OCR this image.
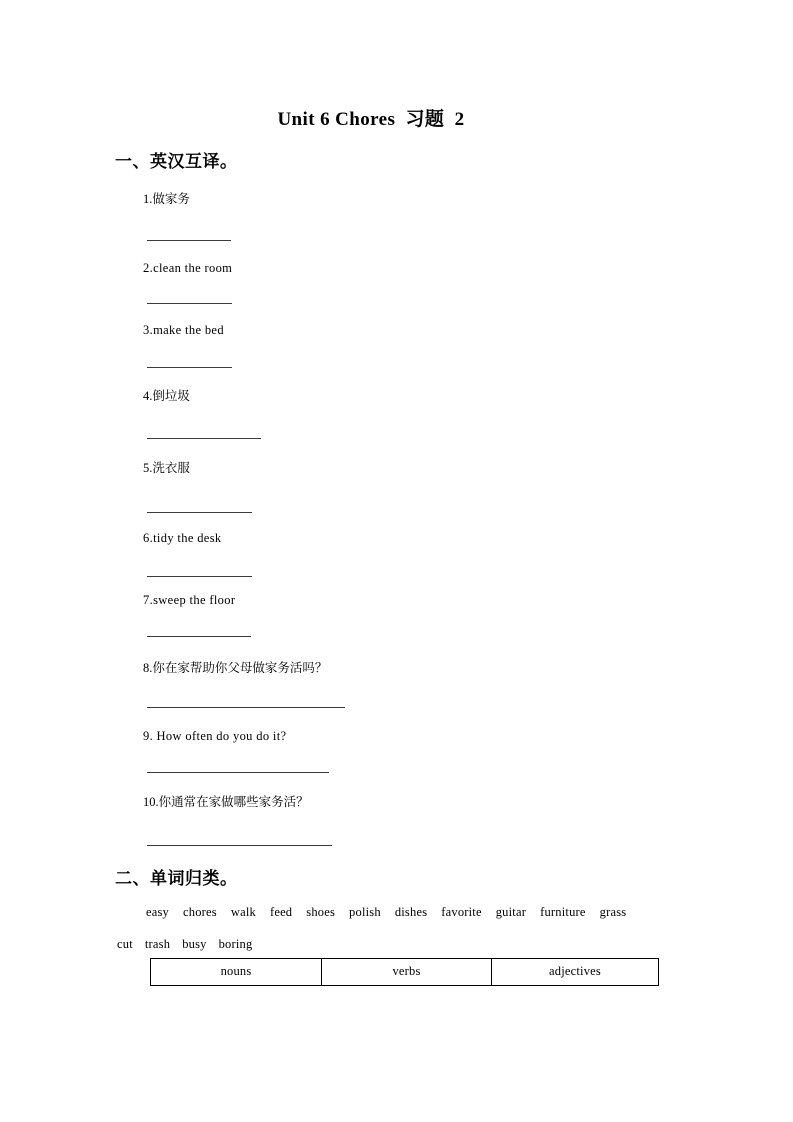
Unit 6 Chores  习题  2
一、英汉互译。
1.做家务
2.clean the room
3.make the bed
4.倒垃圾
5.洗衣服
6.tidy the desk
7.sweep the floor
8.你在家帮助你父母做家务活吗？
9. How often do you do it?
10.你通常在家做哪些家务活？
二、单词归类。
easy chores walk feed shoes polish dishes favorite guitar furniture grass
cut trash busy boring
nouns	verbs	adjectives
